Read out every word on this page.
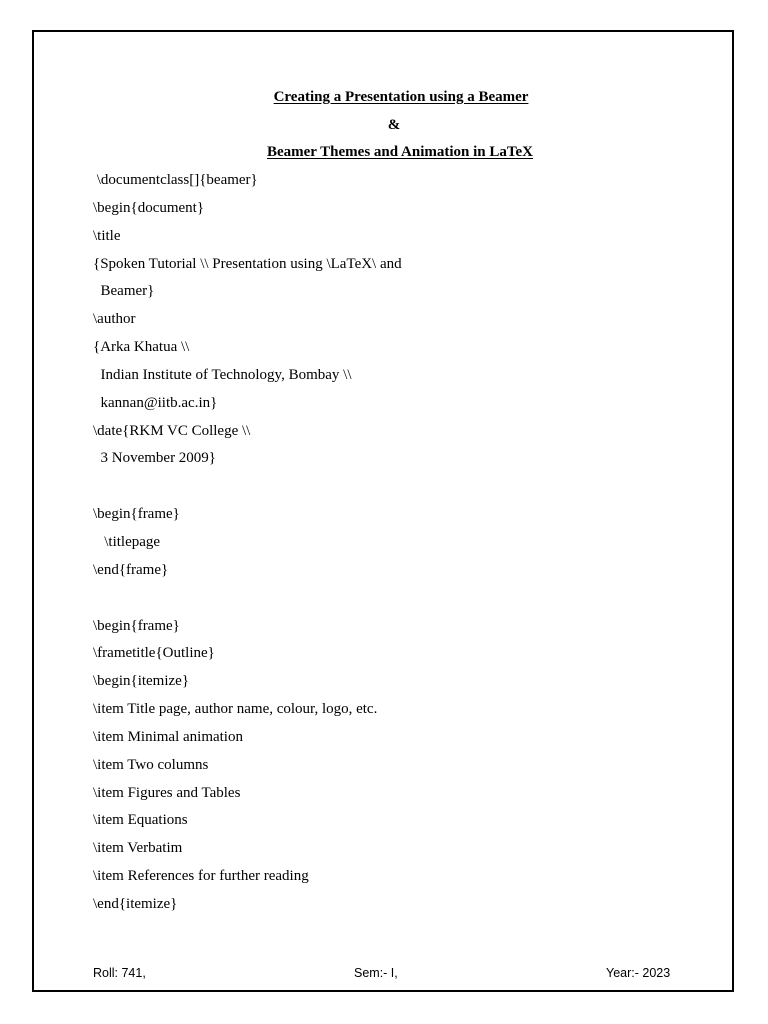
Creating a Presentation using a Beamer
&
Beamer Themes and Animation in LaTeX
\documentclass[]{beamer}
\begin{document}
\title
{Spoken Tutorial \\ Presentation using \LaTeX\ and
Beamer}
\author
{Arka Khatua \\
Indian Institute of Technology, Bombay \\
kannan@iitb.ac.in}
\date{RKM VC College \\
3 November 2009}
\begin{frame}
\titlepage
\end{frame}
\begin{frame}
\frametitle{Outline}
\begin{itemize}
\item Title page, author name, colour, logo, etc.
\item Minimal animation
\item Two columns
\item Figures and Tables
\item Equations
\item Verbatim
\item References for further reading
\end{itemize}
Roll: 741,	Sem:- I,	Year:- 2023
